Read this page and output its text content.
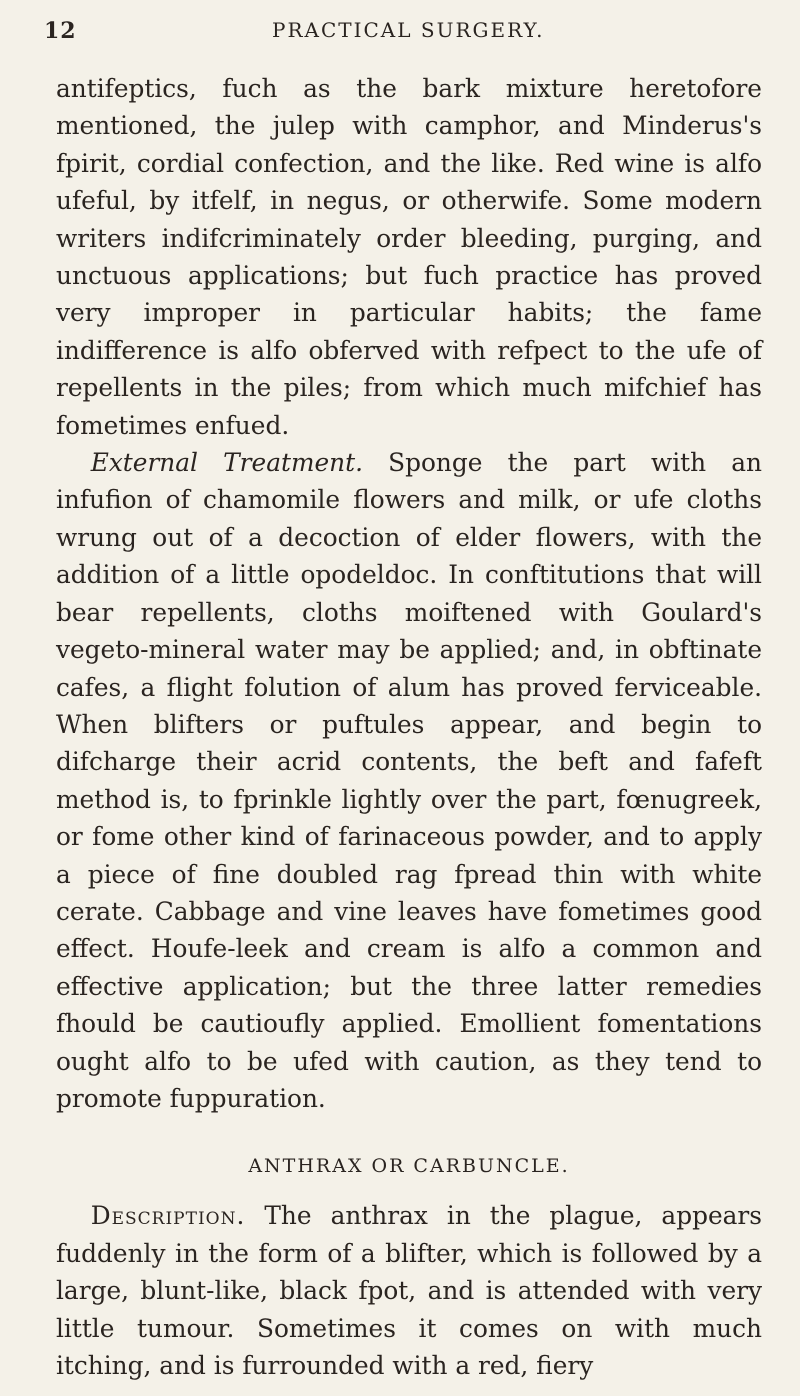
12	PRACTICAL SURGERY.

antifeptics, fuch as the bark mixture heretofore mentioned, the julep with camphor, and Minderus's fpirit, cordial confection, and the like. Red wine is alfo ufeful, by itfelf, in negus, or otherwife. Some modern writers indifcriminately order bleeding, purging, and unctuous applications; but fuch practice has proved very improper in particular habits; the fame indifference is alfo obferved with refpect to the ufe of repellents in the piles; from which much mifchief has fometimes enfued.

External Treatment. Sponge the part with an infufion of chamomile flowers and milk, or ufe cloths wrung out of a decoction of elder flowers, with the addition of a little opodeldoc. In conftitutions that will bear repellents, cloths moiftened with Goulard's vegeto-mineral water may be applied; and, in obftinate cafes, a flight folution of alum has proved ferviceable. When blifters or puftules appear, and begin to difcharge their acrid contents, the beft and fafeft method is, to fprinkle lightly over the part, fœnugreek, or fome other kind of farinaceous powder, and to apply a piece of fine doubled rag fpread thin with white cerate. Cabbage and vine leaves have fometimes good effect. Houfe-leek and cream is alfo a common and effective application; but the three latter remedies fhould be cautioufly applied. Emollient fomentations ought alfo to be ufed with caution, as they tend to promote fuppuration.

ANTHRAX OR CARBUNCLE.

Description. The anthrax in the plague, appears fuddenly in the form of a blifter, which is followed by a large, blunt-like, black fpot, and is attended with very little tumour. Sometimes it comes on with much itching, and is furrounded with a red, fiery
